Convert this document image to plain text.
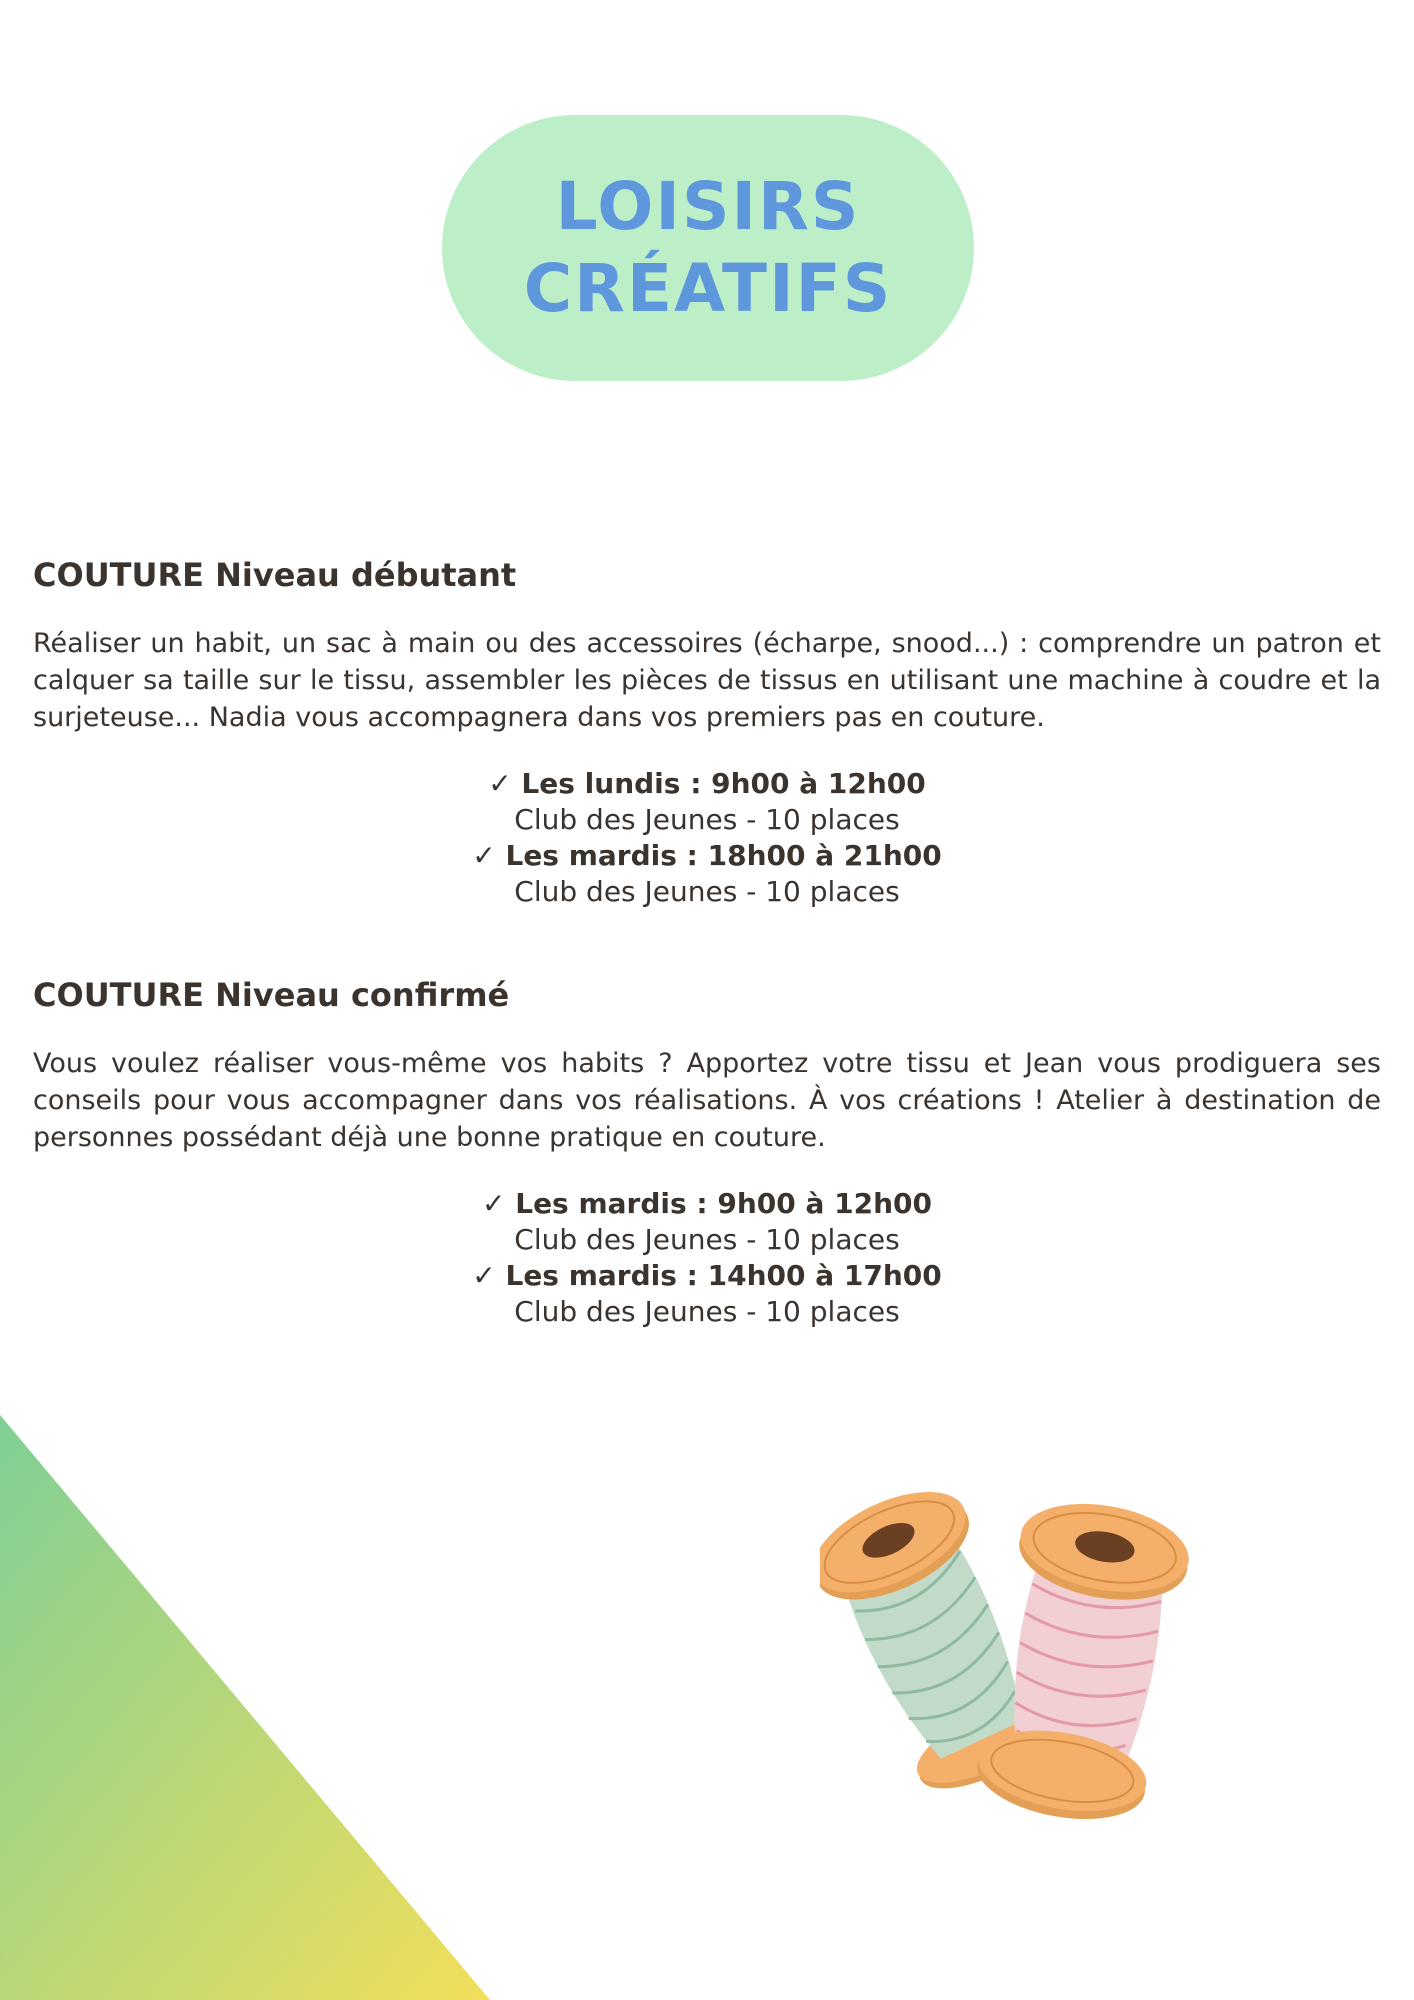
LOISIRS
CRÉATIFS
COUTURE Niveau débutant

Réaliser un habit, un sac à main ou des accessoires (écharpe, snood...) : comprendre un patron et calquer sa taille sur le tissu, assembler les pièces de tissus en utilisant une machine à coudre et la surjeteuse... Nadia vous accompagnera dans vos premiers pas en couture.

✓ Les lundis : 9h00 à 12h00
Club des Jeunes - 10 places
✓ Les mardis : 18h00 à 21h00
Club des Jeunes - 10 places
COUTURE Niveau confirmé

Vous voulez réaliser vous-même vos habits ? Apportez votre tissu et Jean vous prodiguera ses conseils pour vous accompagner dans vos réalisations. À vos créations ! Atelier à destination de personnes possédant déjà une bonne pratique en couture.

✓ Les mardis : 9h00 à 12h00
Club des Jeunes - 10 places
✓ Les mardis : 14h00 à 17h00
Club des Jeunes - 10 places
